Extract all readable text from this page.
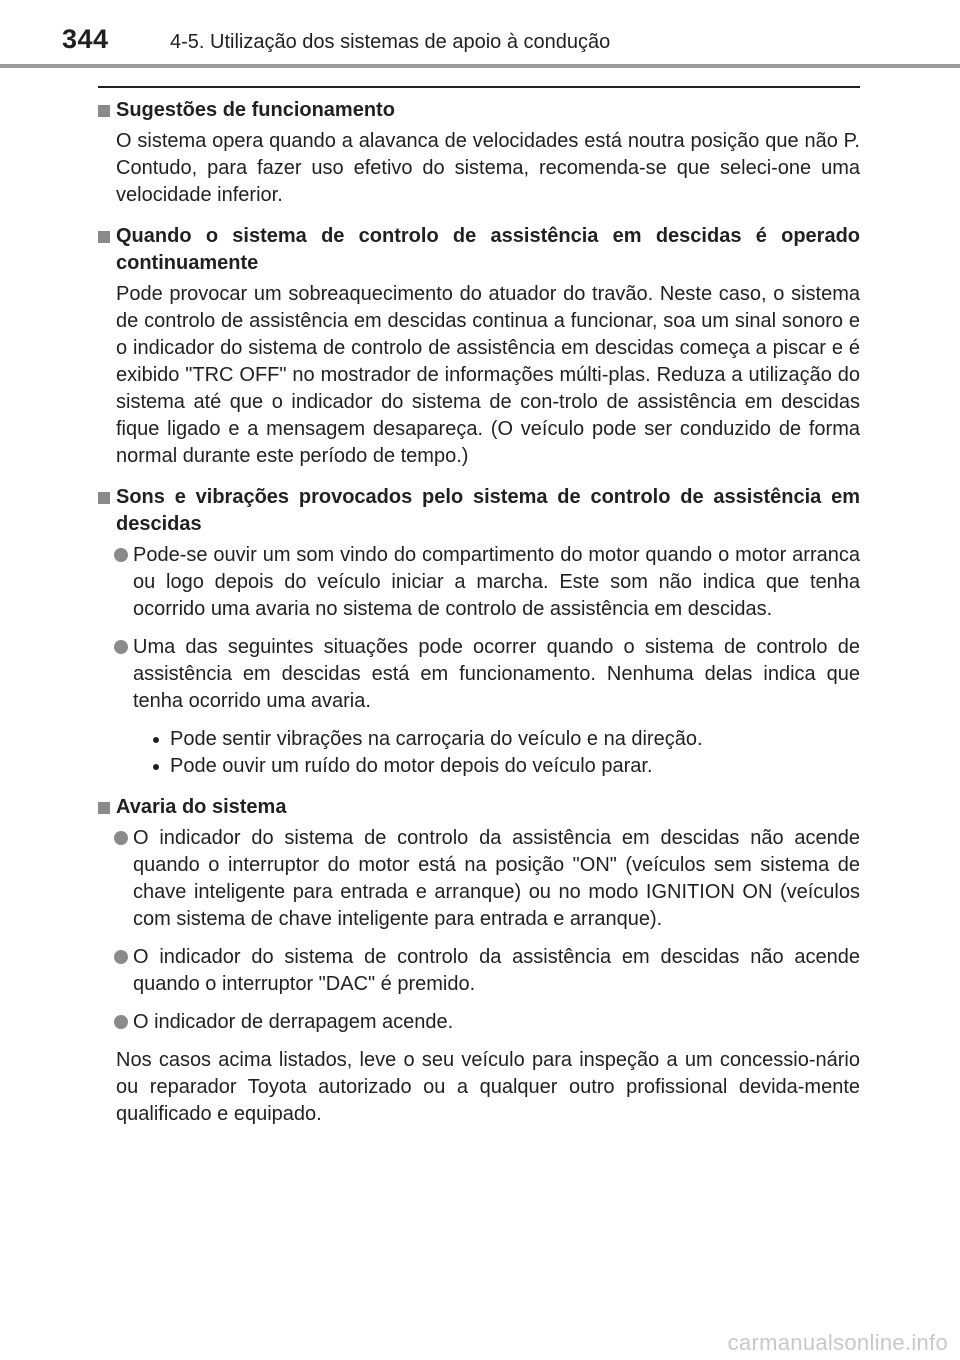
344	4-5. Utilização dos sistemas de apoio à condução
Sugestões de funcionamento
O sistema opera quando a alavanca de velocidades está noutra posição que não P. Contudo, para fazer uso efetivo do sistema, recomenda-se que seleci-one uma velocidade inferior.
Quando o sistema de controlo de assistência em descidas é operado continuamente
Pode provocar um sobreaquecimento do atuador do travão. Neste caso, o sistema de controlo de assistência em descidas continua a funcionar, soa um sinal sonoro e o indicador do sistema de controlo de assistência em descidas começa a piscar e é exibido "TRC OFF" no mostrador de informações múlti-plas. Reduza a utilização do sistema até que o indicador do sistema de con-trolo de assistência em descidas fique ligado e a mensagem desapareça. (O veículo pode ser conduzido de forma normal durante este período de tempo.)
Sons e vibrações provocados pelo sistema de controlo de assistência em descidas
Pode-se ouvir um som vindo do compartimento do motor quando o motor arranca ou logo depois do veículo iniciar a marcha. Este som não indica que tenha ocorrido uma avaria no sistema de controlo de assistência em descidas.
Uma das seguintes situações pode ocorrer quando o sistema de controlo de assistência em descidas está em funcionamento. Nenhuma delas indica que tenha ocorrido uma avaria.
Pode sentir vibrações na carroçaria do veículo e na direção.
Pode ouvir um ruído do motor depois do veículo parar.
Avaria do sistema
O indicador do sistema de controlo da assistência em descidas não acende quando o interruptor do motor está na posição "ON" (veículos sem sistema de chave inteligente para entrada e arranque) ou no modo IGNITION ON (veículos com sistema de chave inteligente para entrada e arranque).
O indicador do sistema de controlo da assistência em descidas não acende quando o interruptor "DAC" é premido.
O indicador de derrapagem acende.
Nos casos acima listados, leve o seu veículo para inspeção a um concessio-nário ou reparador Toyota autorizado ou a qualquer outro profissional devida-mente qualificado e equipado.
carmanualsonline.info
